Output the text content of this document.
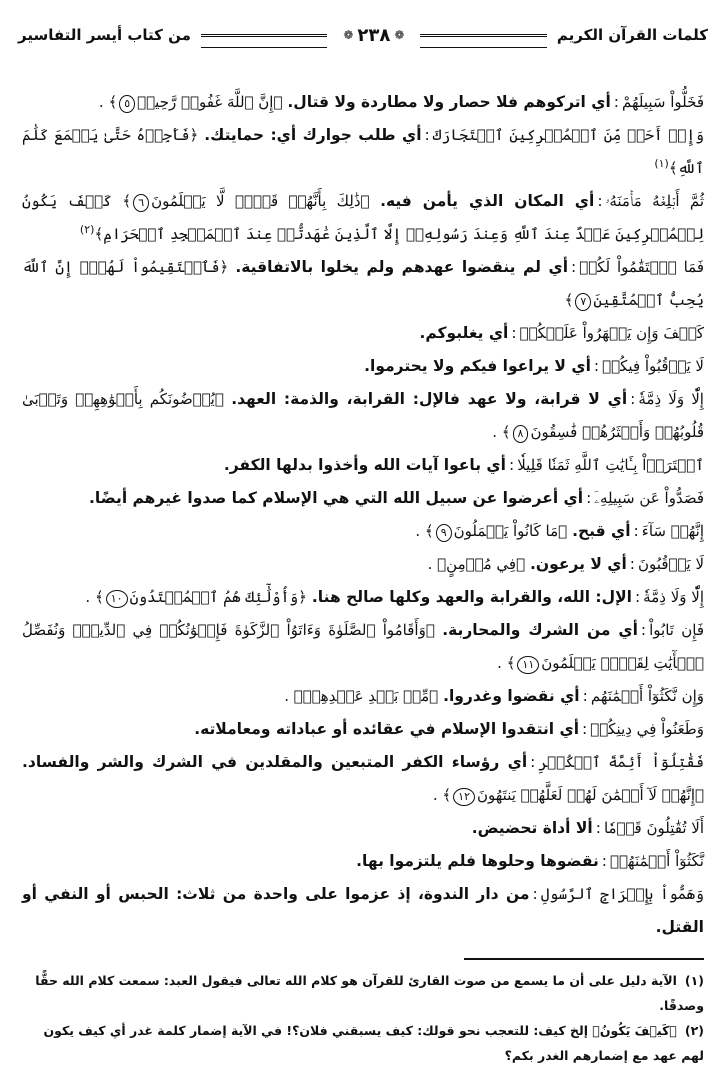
كلمات القرآن الكريم
❁
٢٣٨
❁
من كتاب أيسر التفاسير

فَخَلُّواْ سَبِيلَهُمْ:أي اتركوهم فلا حصار ولا مطاردة ولا قتال. ﴿إِنَّ ٱللَّهَ غَفُورٞ رَّحِيمٞ٥﴾ .

وَإِنۡ أَحَدٞ مِّنَ ٱلۡمُشۡرِكِينَ ٱسۡتَجَارَكَ:أي طلب جوارك أي: حمايتك. ﴿فَأَجِرۡهُ حَتَّىٰ يَسۡمَعَ كَلَٰمَ ٱللَّهِ﴾$^{(١)}$

ثُمَّ أَبۡلِغۡهُ مَأۡمَنَهُۥ:أي المكان الذي يأمن فيه. ﴿ذَٰلِكَ بِأَنَّهُمۡ قَوۡمٞ لَّا يَعۡلَمُونَ٦﴾ كَيۡفَ يَكُونُ لِلۡمُشۡرِكِينَ عَهۡدٌ عِندَ ٱللَّهِ وَعِندَ رَسُولِهِۦٓ إِلَّا ٱلَّذِينَ عَٰهَدتُّمۡ عِندَ ٱلۡمَسۡجِدِ ٱلۡحَرَامِ﴾$^{(٢)}$

فَمَا ٱسۡتَقَٰمُواْ لَكُمۡ:أي لم ينقضوا عهدهم ولم يخلوا بالاتفاقية. ﴿فَٱسۡتَقِيمُواْ لَهُمۡۚ إِنَّ ٱللَّهَ يُحِبُّ ٱلۡمُتَّقِينَ٧﴾

كَيۡفَ وَإِن يَظۡهَرُواْ عَلَيۡكُمۡ:أي يغلبوكم.

لَا يَرۡقُبُواْ فِيكُمۡ:أي لا يراعوا فيكم ولا يحترموا.

إِلّٗا وَلَا ذِمَّةٗ:أي لا قرابة، ولا عهد فالإل: القرابة، والذمة: العهد. ﴿يُرۡضُونَكُم بِأَفۡوَٰهِهِمۡ وَتَأۡبَىٰ قُلُوبُهُمۡ وَأَكۡثَرُهُمۡ فَٰسِقُونَ٨﴾ .

ٱشۡتَرَوۡاْ بِـَٔايَٰتِ ٱللَّهِ ثَمَنٗا قَلِيلٗا:أي باعوا آيات الله وأخذوا بدلها الكفر.

فَصَدُّواْ عَن سَبِيلِهِۦٓ:أي أعرضوا عن سبيل الله التي هي الإسلام كما صدوا غيرهم أيضًا.

إِنَّهُمۡ سَآءَ:أي قبح. ﴿مَا كَانُواْ يَعۡمَلُونَ٩﴾ .

لَا يَرۡقُبُونَ:أي لا يرعون. ﴿فِي مُؤۡمِنٍ﴾ .

إِلّٗا وَلَا ذِمَّةٗ:الإل: الله، والقرابة والعهد وكلها صالح هنا. ﴿وَأُوْلَٰٓئِكَ هُمُ ٱلۡمُعۡتَدُونَ١٠﴾ .

فَإِن تَابُواْ:أي من الشرك والمحاربة. ﴿وَأَقَامُواْ ٱلصَّلَوٰةَ وَءَاتَوُاْ ٱلزَّكَوٰةَ فَإِخۡوَٰنُكُمۡ فِي ٱلدِّينِۗ وَنُفَصِّلُ ٱلۡأٓيَٰتِ لِقَوۡمٖ يَعۡلَمُونَ١١﴾ .

وَإِن نَّكَثُوٓاْ أَيۡمَٰنَهُم:أي نقضوا وغدروا. ﴿مِّنۢ بَعۡدِ عَهۡدِهِمۡ﴾ .

وَطَعَنُواْ فِي دِينِكُمۡ:أي انتقدوا الإسلام في عقائده أو عباداته ومعاملاته.

فَقَٰتِلُوٓاْ أَئِمَّةَ ٱلۡكُفۡرِ:أي رؤساء الكفر المتبعين والمقلدين في الشرك والشر والفساد. ﴿إِنَّهُمۡ لَآ أَيۡمَٰنَ لَهُمۡ لَعَلَّهُمۡ يَنتَهُونَ١٢﴾ .

أَلَا تُقَٰتِلُونَ قَوۡمٗا:ألا أداة تحضيض.

نَّكَثُوٓاْ أَيۡمَٰنَهُمۡ:نقضوها وحلوها فلم يلتزموا بها.

وَهَمُّواْ بِإِخۡرَاجِ ٱلرَّسُولِ:من دار الندوة، إذ عزموا على واحدة من ثلاث: الحبس أو النفي أو القتل.

(١)الآية دليل على أن ما يسمع من صوت القارئ للقرآن هو كلام الله تعالى فيقول العبد: سمعت كلام الله حقًّا وصدقًا.
(٢)﴿كَيۡفَ يَكُونُ﴾ إلخ كيف: للتعجب نحو قولك: كيف يسبقني فلان؟! في الآية إضمار كلمة غدر أي كيف يكون لهم عهد مع إضمارهم الغدر بكم؟
